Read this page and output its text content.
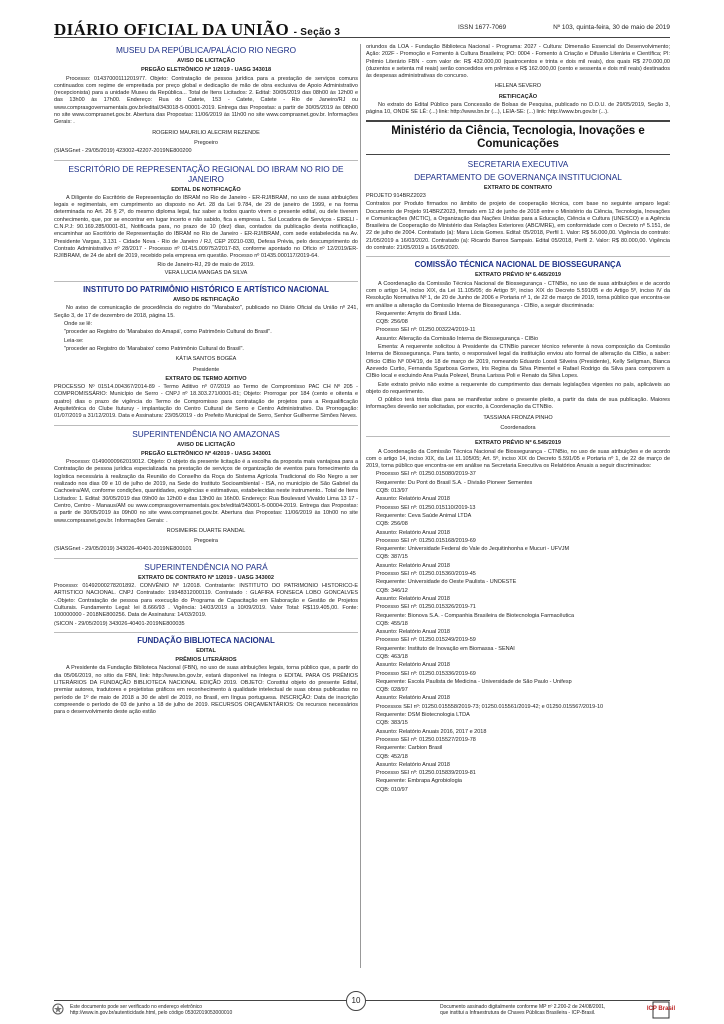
DIÁRIO OFICIAL DA UNIÃO - Seção 3	ISSN 1677-7069	Nº 103, quinta-feira, 30 de maio de 2019
MUSEU DA REPÚBLICA/PALÁCIO RIO NEGRO
AVISO DE LICITAÇÃO
PREGÃO ELETRÔNICO Nº 1/2019 - UASG 343018

Processo: 01437000111201977. Objeto: Contratação de pessoa jurídica para a prestação de serviços comuns continuados com regime de empreitada por preço global e dedicação de mão de obra exclusiva de Apoio Administrativo (recepcionista) para a unidade Museu da República... Total de Itens Licitados: 2. Edital: 30/05/2019 das 08h00 às 12h00 e das 13h00 às 17h00. Endereço: Rua do Catete, 153 - Catete, Catete - Rio de Janeiro/RJ ou www.comprasgovernamentais.gov.br/edital/343018-5-00001-2019. Entrega das Propostas: a partir de 30/05/2019 às 08h00 no site www.comprasnet.gov.br. Abertura das Propostas: 11/06/2019 às 11h00 no site www.comprasnet.gov.br. Informações Gerais: .

ROGERIO MAURILIO ALECRIM REZENDE

Pregoeiro

(SIASGnet - 29/05/2019) 423002-42207-2019NE800200

ESCRITÓRIO DE REPRESENTAÇÃO REGIONAL DO IBRAM NO RIO DE JANEIRO
EDITAL DE NOTIFICAÇÃO

A Diligente do Escritório de Representação do IBRAM no Rio de Janeiro - ER-RJ/IBRAM, no uso de suas atribuições legais e regimentais, em cumprimento ao disposto no Art. 28 da Lei 9.784, de 29 de janeiro de 1999, e na forma determinada no Art. 26 § 2º, do mesmo diploma legal, faz saber a todos quanto virem o presente edital, ou dele tiverem conhecimento, que, por se encontrar em lugar incerto e não sabido, fica a empresa L. Sul Locadora de Serviços - EIRELI - C.N.P.J: 90.169.285/0001-81, Notificada para, no prazo de 10 (dez) dias, contados da publicação desta notificação, encaminhar ao Escritório de Representação do IBRAM no Rio de Janeiro - ER-RJ/IBRAM, com sede estabelecida na Av. Presidente Vargas, 3.131 - Cidade Nova - Rio de Janeiro / RJ, CEP 20210-030, Defesa Prévia, pelo descumprimento do Contrato Administrativo nº 28/2017 - Processo nº 01415.009752/2017-83, conforme apontado no Ofício nº 12/2019/ER-RJ/IBRAM, de 24 de abril de 2019, recebido pela empresa em questão. Processo nº 01435.000117/2019-64.

Rio de Janeiro-RJ, 29 de maio de 2019.

VERA LUCIA MANGAS DA SILVA

INSTITUTO DO PATRIMÔNIO HISTÓRICO E ARTÍSTICO NACIONAL
AVISO DE RETIFICAÇÃO

No aviso de comunicação de procedência do registro do "Marabaixo", publicado no Diário Oficial da União nº 241, Seção 3, de 17 de dezembro de 2018, página 15.

Onde se lê:

"proceder ao Registro do 'Marabaixo do Amapá', como Patrimônio Cultural do Brasil".

Leia-se:

"proceder ao Registro do 'Marabaixo' como Patrimônio Cultural do Brasil".

KÁTIA SANTOS BOGÉA

Presidente

EXTRATO DE TERMO ADITIVO

PROCESSO Nº 01514.004367/2014-89 - Termo Aditivo nº 07/2019 ao Termo de Compromisso PAC CH Nº 205 - COMPROMISSÁRIO: Município de Serro - CNPJ nº 18.303.271/0001-81; Objeto: Prorrogar por 184 (cento e oitenta e quatro) dias o prazo de vigência do Termo de Compromisso para contratação de projetos para a Requalificação Arquitetônica do Clube Ituturuy - implantação do Centro Cultural de Serro e Centro Administrativo. Da Prorrogação: 01/07/2019 a 31/12/2019. Data e Assinatura: 23/05/2019 - do Prefeito Municipal de Serro, Senhor Guilherme Simões Neves.

SUPERINTENDÊNCIA NO AMAZONAS
AVISO DE LICITAÇÃO
PREGÃO ELETRÔNICO Nº 4/2019 - UASG 343001

Processo: 01490000962019012. Objeto: O objeto da presente licitação é a escolha da proposta mais vantajosa para a Contratação de pessoa jurídica especializada na prestação de serviços de organização de eventos para fornecimento da logística necessária à realização da Reunião do Conselho da Roça do Sistema Agrícola Tradicional do Rio Negro a ser realizado nos dias 09 e 10 de julho de 2019, na Sede do Instituto Socioambiental - ISA, no município de São Gabriel da Cachoeira/AM, conforme condições, quantidades, exigências e estimativas, estabelecidas neste instrumento.. Total de Itens Licitados: 1. Edital: 30/05/2019 das 09h00 às 12h00 e das 13h00 às 16h00. Endereço: Rua Boulevard Vivaldo Lima 13 17 - Centro, Centro - Manaus/AM ou www.comprasgovernamentais.gov.br/edital/343001-5-00004-2019. Entrega das Propostas: a partir de 30/05/2019 às 09h00 no site www.comprasnet.gov.br. Abertura das Propostas: 11/06/2019 às 10h00 no site www.comprasnet.gov.br. Informações Gerais: .

ROSIMEIRE DUARTE RANDAL

Pregoeira

(SIASGnet - 29/05/2019) 343026-40401-2019NE800101

SUPERINTENDÊNCIA NO PARÁ
EXTRATO DE CONTRATO Nº 1/2019 - UASG 343002

Processo: 01492000278201892. CONVÊNIO Nº 1/2018. Contratante: INSTITUTO DO PATRIMONIO HISTORICO-E ARTISTICO NACIONAL. CNPJ Contratado: 19348312000119. Contratado : GLAFIRA FONSECA LOBO GONCALVES -.Objeto: Contratação de pessoa para execução do Programa de Capacitação em Elaboração e Gestão de Projetos Culturais. Fundamento Legal: lei 8.666/93 . Vigência: 14/03/2019 a 10/09/2019. Valor Total: R$119.405,00. Fonte: 100000000 - 2018NE800256. Data de Assinatura: 14/03/2019.

(SICON - 29/05/2019) 343026-40401-2019NE800035

FUNDAÇÃO BIBLIOTECA NACIONAL
EDITAL
PRÊMIOS LITERÁRIOS

A Presidente da Fundação Biblioteca Nacional (FBN), no uso de suas atribuições legais, torna público que, a partir do dia 05/06/2019, no sítio da FBN, link: http://www.bn.gov.br, estará disponível na íntegra o EDITAL PARA OS PRÊMIOS LITERÁRIOS DA FUNDAÇÃO BIBLIOTECA NACIONAL EDIÇÃO 2019. OBJETO: Constitui objeto do presente Edital, premiar autores, tradutores e projetistas gráficos em reconhecimento à qualidade intelectual de suas obras publicadas no período de 1º de maio de 2018 a 30 de abril de 2019, no Brasil, em língua portuguesa. INSCRIÇÃO: Data de inscrição compreende o período de 03 de junho a 18 de julho de 2019. RECURSOS ORÇAMENTÁRIOS: Os recursos necessários para o desenvolvimento deste ação estão

oriundos da LOA - Fundação Biblioteca Nacional - Programa: 2027 - Cultura: Dimensão Essencial do Desenvolvimento; Ação: 202F - Promoção e Fomento à Cultura Brasileira; PO: 0004 - Fomento à Criação e Difusão Literária e Científica; PI: Prêmio Literário FBN - com valor de: R$ 432.000,00 (quatrocentos e trinta e dois mil reais), dos quais R$ 270.000,00 (duzentos e setenta mil reais) serão concedidos em prêmios e R$ 162.000,00 (cento e sessenta e dois mil reais) destinados às despesas administrativas do concurso.

HELENA SEVERO

RETIFICAÇÃO

No extrato do Edital Público para Concessão de Bolsas de Pesquisa, publicado no D.O.U. de 29/05/2019, Seção 3, página 10, ONDE SE LÊ: (...) link: http://www.bn.br (...), LEIA-SE: (...) link: http://www.bn.gov.br (...).

Ministério da Ciência, Tecnologia, Inovações e Comunicações
SECRETARIA EXECUTIVA
DEPARTAMENTO DE GOVERNANÇA INSTITUCIONAL
EXTRATO DE CONTRATO

PROJETO 914BRZ2023

Contratos por Produto firmados no âmbito de projeto de cooperação técnica, com base no seguinte amparo legal: Documento de Projeto 914BRZ2023, firmado em 12 de junho de 2018 entre o Ministério da Ciência, Tecnologia, Inovações e Comunicações (MCTIC), a Organização das Nações Unidas para a Educação, Ciência e Cultura (UNESCO) e a Agência Brasileira de Cooperação do Ministério das Relações Exteriores (ABC/MRE), em conformidade com o Decreto nº 5.151, de 22 de julho de 2004. Contratado (a): Mara Lúcia Gomes. Edital: 05/2018, Perfil 1. Valor: R$ 56.000,00. Vigência do contrato: 21/05/2019 a 16/03/2020. Contratado (a): Ricardo Barros Sampaio. Edital 05/2018, Perfil 2. Valor: R$ 80.000,00. Vigência do contrato: 21/05/2019 a 16/05/2020.

COMISSÃO TÉCNICA NACIONAL DE BIOSSEGURANÇA
EXTRATO PRÉVIO Nº 6.465/2019

A Coordenação da Comissão Técnica Nacional de Biossegurança - CTNBio, no uso de suas atribuições e de acordo com o artigo 14, inciso XIX, da Lei 11.105/05; do Artigo 5º, inciso XIX do Decreto 5.591/05 e do Artigo 5º, inciso IV da Resolução Normativa Nº 1, de 20 de Junho de 2006 e Portaria nº 1, de 22 de março de 2019, torna público que encontra-se em análise a alteração da Comissão Interna de Biossegurança - CIBio, a seguir discriminada:

Requerente: Amyris do Brasil Ltda.

CQB: 256/08

Processo SEI nº: 01250.003224/2019-11

Assunto: Alteração da Comissão Interna de Biossegurança - CIBio

Ementa: A requerente solicitou à Presidente da CTNBio parecer técnico referente à nova composição da Comissão Interna de Biossegurança. Para tanto, o responsável legal da instituição enviou ato formal de alteração da CIBio, a saber: Ofício CIBio Nº 004/19, de 18 de março de 2019, nomeando Eduardo Loosli Silveira (Presidente), Kelly Seligman, Bianca Azevedo Curtio, Fernanda Sgarbosa Gomes, Iris Regina da Silva Pimentel e Rafael Rodrigo da Silva para comporem a CIBio local e excluindo Ana Paula Polezel, Bruna Larissa Poli e Renato da Silva Lopes.

Este extrato prévio não exime a requerente do cumprimento das demais legislações vigentes no país, aplicáveis ao objeto do requerimento.

O público terá trinta dias para se manifestar sobre o presente pleito, a partir da data de sua publicação. Maiores informações deverão ser solicitadas, por escrito, à Coordenação da CTNBio.

TASSIANA FRONZA PINHO

Coordenadora

EXTRATO PRÉVIO Nº 6.545/2019

A Coordenação da Comissão Técnica Nacional de Biossegurança - CTNBio, no uso de suas atribuições e de acordo com o artigo 14, inciso XIX, da Lei 11.105/05; Art. 5º, inciso XIX do Decreto 5.591/05 e Portaria nº 1, de 22 de março de 2019, torna público que encontra-se em análise na Secretaria Executiva os Relatórios Anuais a seguir discriminados:

Processo SEI nº: 01250.015080/2019-37

Requerente: Du Pont do Brasil S.A. - Divisão Pioneer Sementes

CQB: 013/97

Assunto: Relatório Anual 2018

Processo SEI nº: 01250.015110/2019-13

Requerente: Ceva Saúde Animal LTDA

CQB: 256/08

Assunto: Relatório Anual 2018

Processo SEI nº: 01250.015168/2019-69

Requerente: Universidade Federal do Vale do Jequitinhonha e Mucuri - UFVJM

CQB: 387/15

Assunto: Relatório Anual 2018

Processo SEI nº: 01250.015360/2019-45

Requerente: Universidade do Oeste Paulista - UNOESTE

CQB: 346/12

Assunto: Relatório Anual 2018

Processo SEI nº: 01250.015326/2019-71

Requerente: Bionova S.A. - Companhia Brasileira de Biotecnologia Farmacêutica

CQB: 455/18

Assunto: Relatório Anual 2018

Processo SEI nº: 01250.015249/2019-59

Requerente: Instituto de Inovação em Biomassa - SENAI

CQB: 463/18

Assunto: Relatório Anual 2018

Processo SEI nº: 01250.015336/2019-69

Requerente: Escola Paulista de Medicina - Universidade de São Paulo - Unifesp

CQB: 028/97

Assunto: Relatório Anual 2018

Processos SEI nº: 01250.015558/2019-73; 01250.015561/2019-42; e 01250.015567/2019-10

Requerente: DSM Biotecnologia LTDA

CQB: 383/15

Assunto: Relatório Anuais 2016, 2017 e 2018

Processo SEI nº: 01250.015527/2019-78

Requerente: Carbion Brasil

CQB: 452/18

Assunto: Relatório Anual 2018

Processo SEI nº: 01250.015839/2019-81

Requerente: Embrapa Agrobiologia

CQB: 010/97

Este documento pode ser verificado no endereço eletrônico
http://www.in.gov.br/autenticidade.html, pelo código 05302019053000010
10
Documento assinado digitalmente conforme MP nº 2.200-2 de 24/08/2001,
que institui a Infraestrutura de Chaves Públicas Brasileira - ICP-Brasil.
ICP Brasil
